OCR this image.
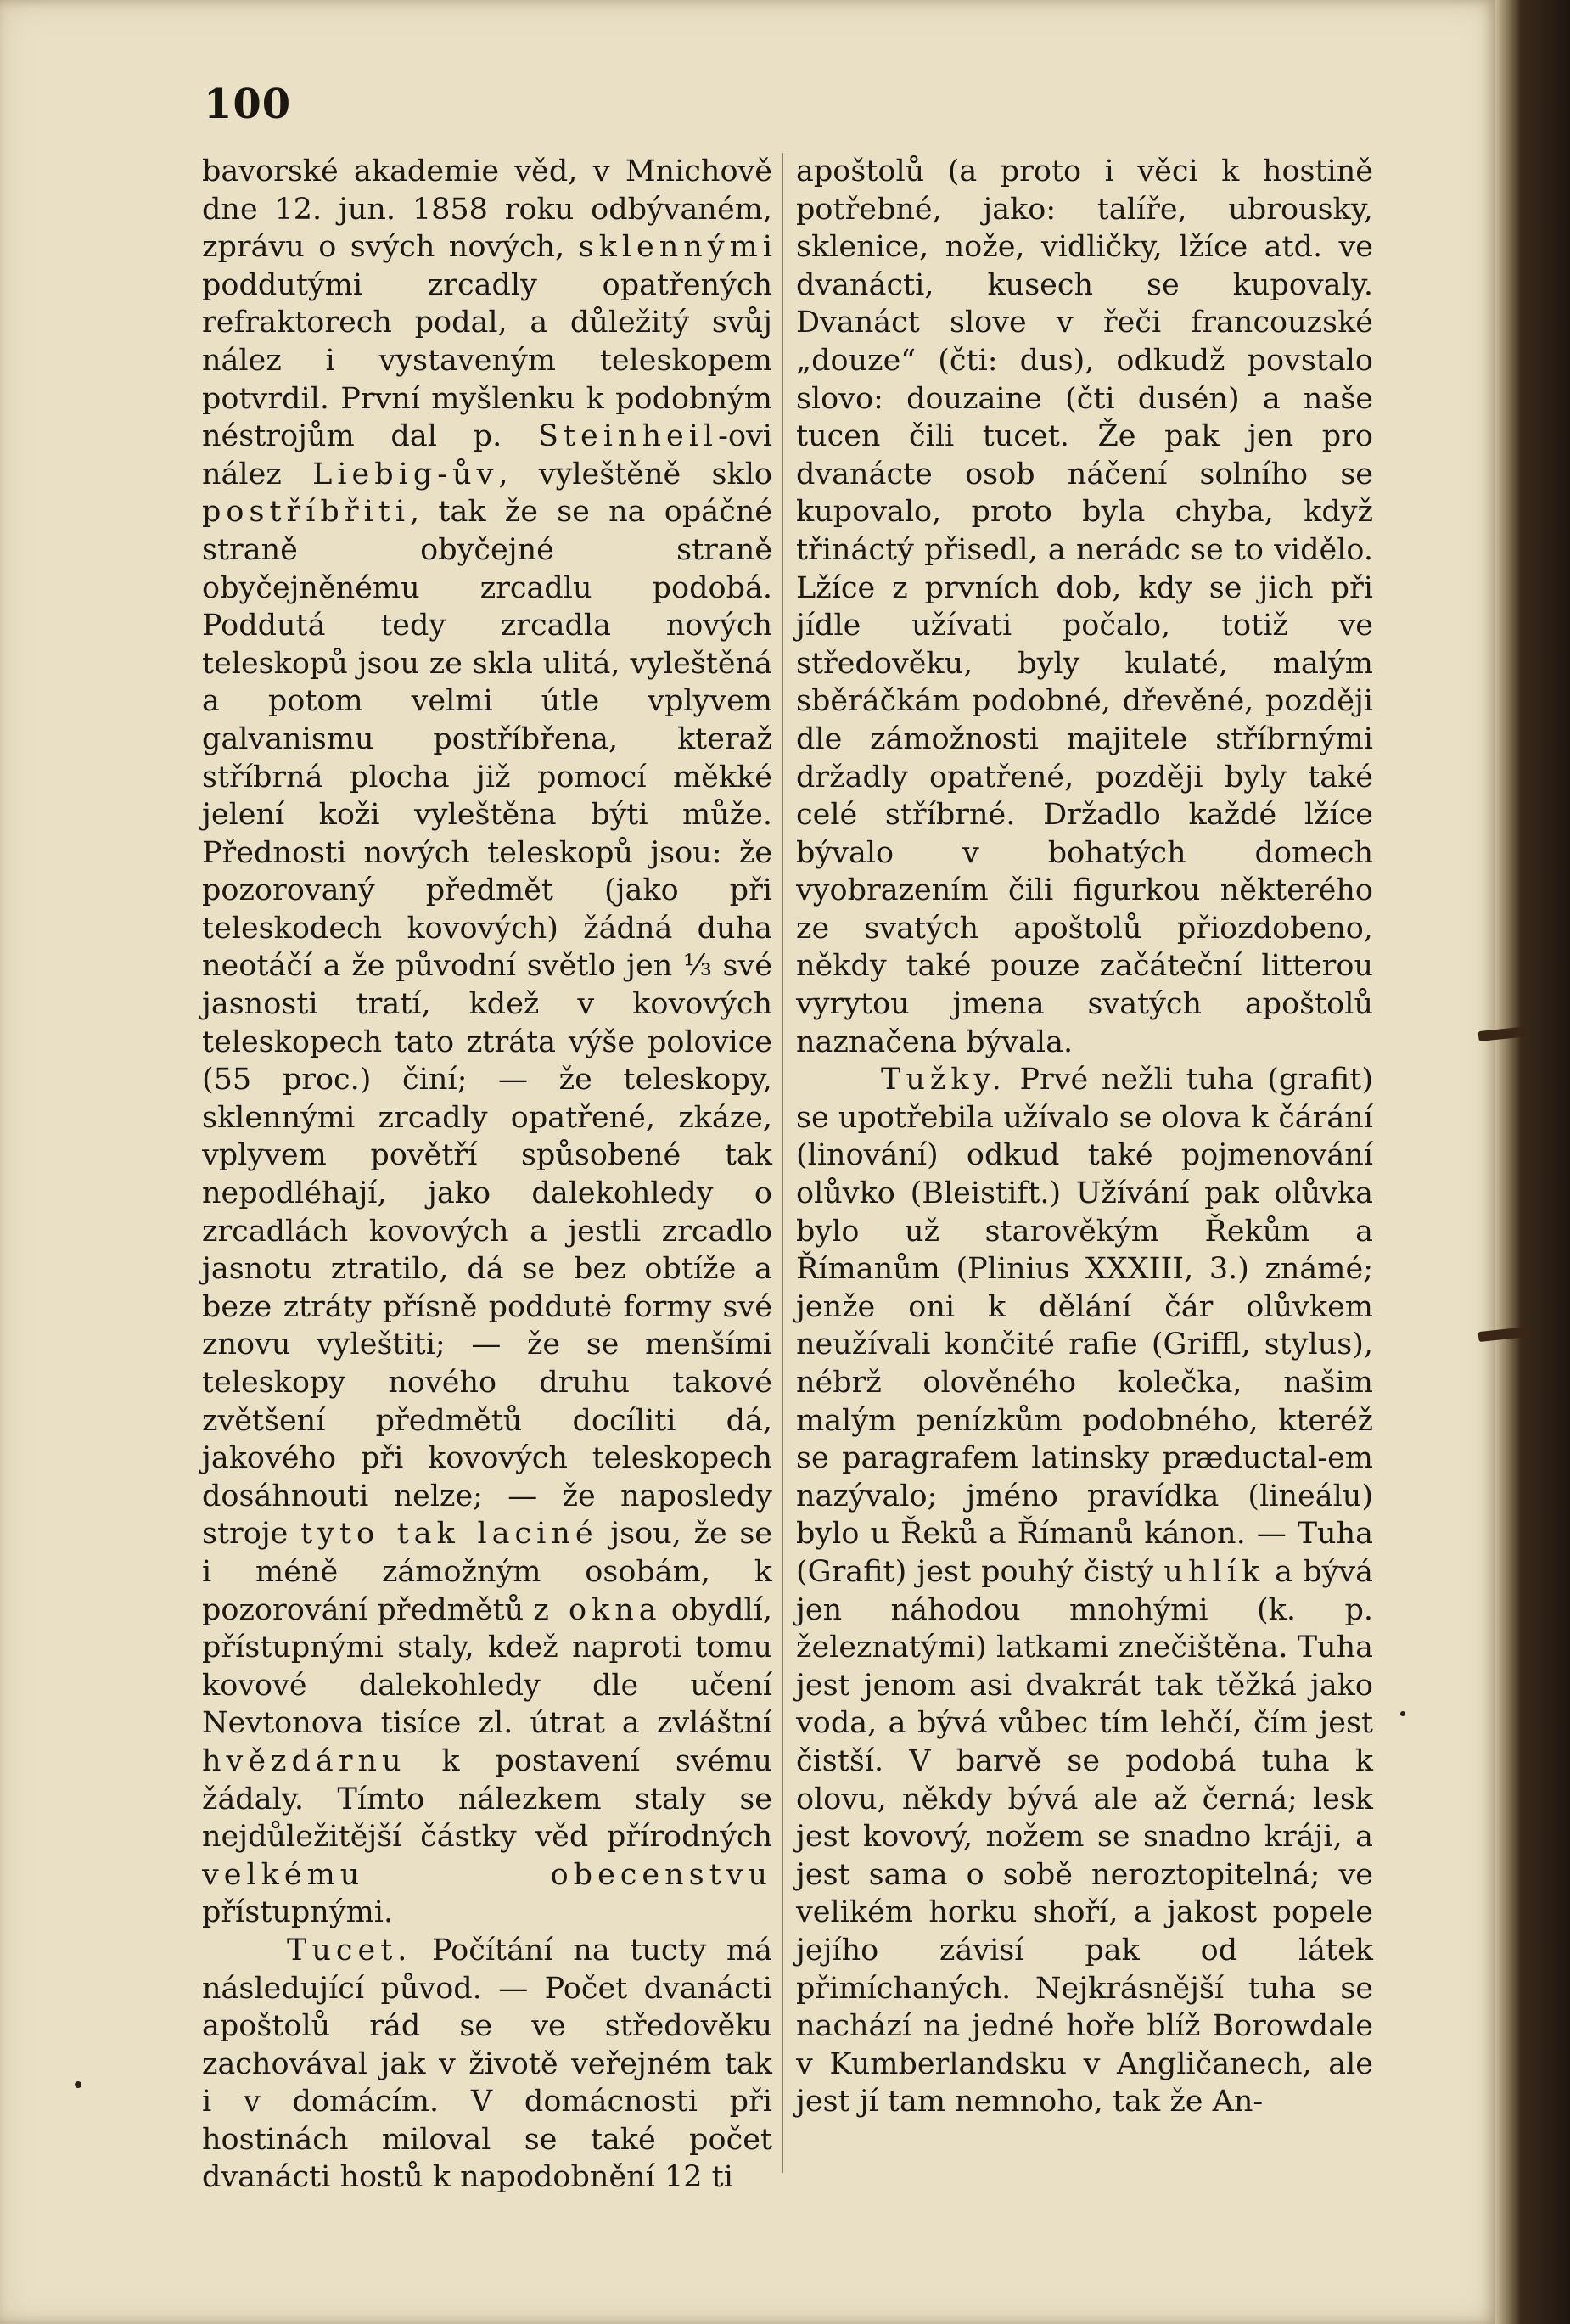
100

bavorské akademie věd, v Mnichově dne 12. jun. 1858 roku odbývaném, zprávu o svých nových, sklennými poddutými zrcadly opatřených refraktorech podal, a důležitý svůj nález i vystaveným teleskopem potvrdil. První myšlenku k podobným néstrojům dal p. Steinheil-ovi nález Liebig-ův, vyleštěně sklo postříbřiti, tak že se na opáčné straně obyčejné straně obyčejněnému zrcadlu podobá. Poddutá tedy zrcadla nových teleskopů jsou ze skla ulitá, vyleštěná a potom velmi útle vplyvem galvanismu postříbřena, kteraž stříbrná plocha již pomocí měkké jelení koži vyleštěna býti může. Přednosti nových teleskopů jsou: že pozorovaný předmět (jako při teleskodech kovových) žádná duha neotáčí a že původní světlo jen ⅓ své jasnosti tratí, kdež v kovových teleskopech tato ztráta výše polovice (55 proc.) činí; — že teleskopy, sklennými zrcadly opatřené, zkáze, vplyvem povětří spůsobené tak nepodléhají, jako dalekohledy o zrcadlách kovových a jestli zrcadlo jasnotu ztratilo, dá se bez obtíže a beze ztráty přísně poddutė formy své znovu vyleštiti; — že se menšími teleskopy nového druhu takové zvětšení předmětů docíliti dá, jakového při kovových teleskopech dosáhnouti nelze; — že naposledy stroje tyto tak laciné jsou, že se i méně zámožným osobám, k pozorování předmětů z okna obydlí, přístupnými staly, kdež naproti tomu kovové dalekohledy dle učení Nevtonova tisíce zl. útrat a zvláštní hvězdárnu k postavení svému žádaly. Tímto nálezkem staly se nejdůležitější částky věd přírodných velkému obecenstvu přístupnými.

Tucet. Počítání na tucty má následující původ. — Počet dvanácti apoštolů rád se ve středověku zachovával jak v životě veřejném tak i v domácím. V domácnosti při hostinách miloval se také počet dvanácti hostů k napodobnění 12 ti

apoštolů (a proto i věci k hostině potřebné, jako: talíře, ubrousky, sklenice, nože, vidličky, lžíce atd. ve dvanácti, kusech se kupovaly. Dvanáct slove v řeči francouzské „douze“ (čti: dus), odkudž povstalo slovo: douzaine (čti dusén) a naše tucen čili tucet. Že pak jen pro dvanácte osob náčení solního se kupovalo, proto byla chyba, když třináctý přisedl, a nerádc se to vidělo. Lžíce z prvních dob, kdy se jich při jídle užívati počalo, totiž ve středověku, byly kulaté, malým sběráčkám podobné, dřevěné, později dle zámožnosti majitele stříbrnými držadly opatřené, později byly také celé stříbrné. Držadlo každé lžíce bývalo v bohatých domech vyobrazením čili figurkou některého ze svatých apoštolů přiozdobeno, někdy také pouze začáteční litterou vyrytou jmena svatých apoštolů naznačena bývala.

Tužky. Prvé nežli tuha (grafit) se upotřebila užívalo se olova k čárání (linování) odkud také pojmenování olůvko (Bleistift.) Užívání pak olůvka bylo už starověkým Řekům a Římanům (Plinius XXXIII, 3.) známé; jenže oni k dělání čár olůvkem neužívali končité rafie (Griffl, stylus), nébrž olověného kolečka, našim malým penízkům podobného, kteréž se paragrafem latinsky præductal-em nazývalo; jméno pravídka (lineálu) bylo u Řeků a Římanů kánon. — Tuha (Grafit) jest pouhý čistý uhlík a bývá jen náhodou mnohými (k. p. železnatými) latkami znečištěna. Tuha jest jenom asi dvakrát tak těžká jako voda, a bývá vůbec tím lehčí, čím jest čistší. V barvě se podobá tuha k olovu, někdy bývá ale až černá; lesk jest kovový, nožem se snadno kráji, a jest sama o sobě neroztopitelná; ve velikém horku shoří, a jakost popele jejího závisí pak od látek přimíchaných. Nejkrásnější tuha se nachází na jedné hoře blíž Borowdale v Kumberlandsku v Angličanech, ale jest jí tam nemnoho, tak že An-
